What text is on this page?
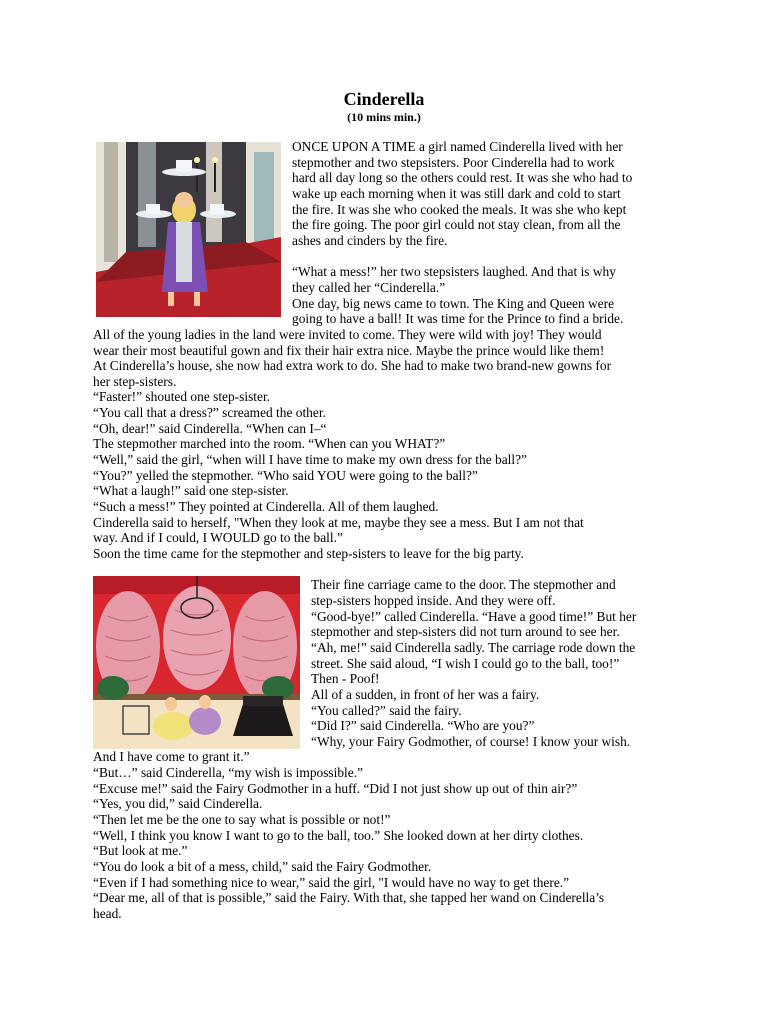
Cinderella
(10 mins min.)
ONCE UPON A TIME a girl named Cinderella lived with her
stepmother and two stepsisters. Poor Cinderella had to work
hard all day long so the others could rest. It was she who had to
wake up each morning when it was still dark and cold to start
the fire. It was she who cooked the meals. It was she who kept
the fire going. The poor girl could not stay clean, from all the
ashes and cinders by the fire.
“What a mess!” her two stepsisters laughed. And that is why
they called her “Cinderella.”
One day, big news came to town. The King and Queen were
going to have a ball! It was time for the Prince to find a bride.
All of the young ladies in the land were invited to come. They were wild with joy! They would
wear their most beautiful gown and fix their hair extra nice. Maybe the prince would like them!
At Cinderella’s house, she now had extra work to do. She had to make two brand-new gowns for
her step-sisters.
“Faster!” shouted one step-sister.
“You call that a dress?” screamed the other.
“Oh, dear!” said Cinderella. “When can I–“
The stepmother marched into the room. “When can you WHAT?”
“Well,” said the girl, “when will I have time to make my own dress for the ball?”
“You?” yelled the stepmother. “Who said YOU were going to the ball?”
“What a laugh!” said one step-sister.
“Such a mess!” They pointed at Cinderella. All of them laughed.
Cinderella said to herself, "When they look at me, maybe they see a mess. But I am not that
way. And if I could, I WOULD go to the ball.”
Soon the time came for the stepmother and step-sisters to leave for the big party.
Their fine carriage came to the door. The stepmother and
step-sisters hopped inside. And they were off.
“Good-bye!” called Cinderella. “Have a good time!” But her
stepmother and step-sisters did not turn around to see her.
“Ah, me!” said Cinderella sadly. The carriage rode down the
street. She said aloud, “I wish I could go to the ball, too!”
Then - Poof!
All of a sudden, in front of her was a fairy.
“You called?” said the fairy.
“Did I?” said Cinderella. “Who are you?”
“Why, your Fairy Godmother, of course! I know your wish.
And I have come to grant it.”
“But…” said Cinderella, “my wish is impossible.”
“Excuse me!” said the Fairy Godmother in a huff. “Did I not just show up out of thin air?”
“Yes, you did,” said Cinderella.
“Then let me be the one to say what is possible or not!”
“Well, I think you know I want to go to the ball, too.” She looked down at her dirty clothes.
“But look at me.”
“You do look a bit of a mess, child,” said the Fairy Godmother.
“Even if I had something nice to wear,” said the girl, "I would have no way to get there.”
“Dear me, all of that is possible,” said the Fairy. With that, she tapped her wand on Cinderella’s
head.
